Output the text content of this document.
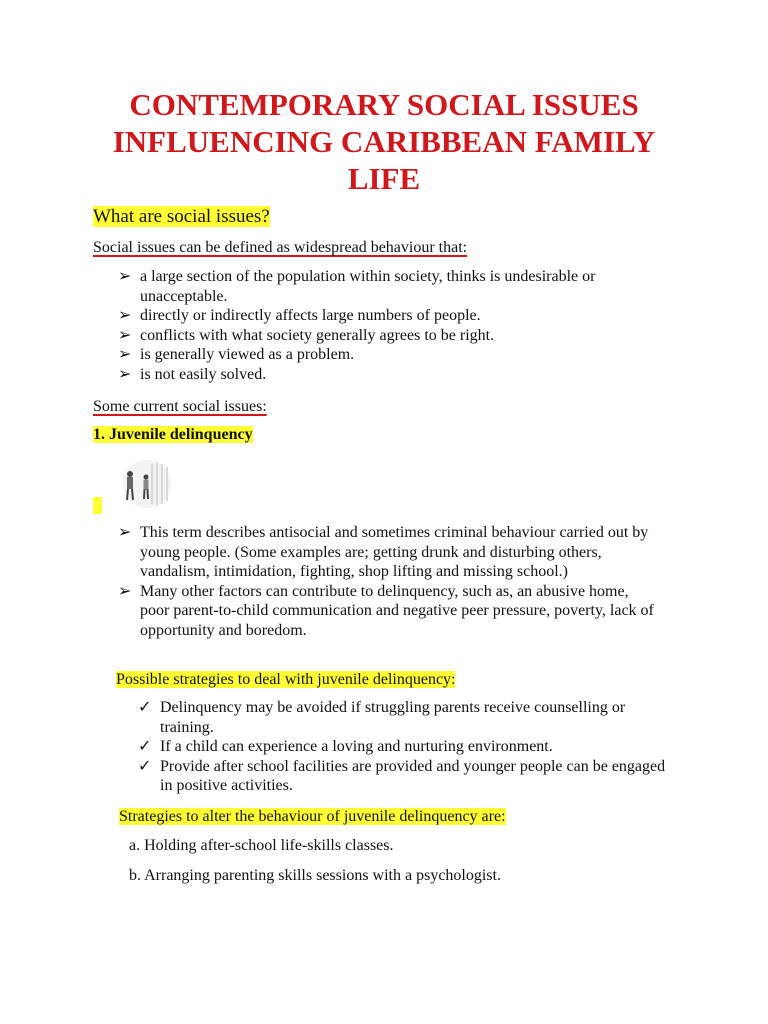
CONTEMPORARY SOCIAL ISSUES INFLUENCING CARIBBEAN FAMILY LIFE
What are social issues?
Social issues can be defined as widespread behaviour that:
➢ a large section of the population within society, thinks is undesirable or unacceptable.
➢ directly or indirectly affects large numbers of people.
➢ conflicts with what society generally agrees to be right.
➢ is generally viewed as a problem.
➢ is not easily solved.
Some current social issues:
1. Juvenile delinquency
➢ This term describes antisocial and sometimes criminal behaviour carried out by young people. (Some examples are; getting drunk and disturbing others, vandalism, intimidation, fighting, shop lifting and missing school.)
➢ Many other factors can contribute to delinquency, such as, an abusive home, poor parent-to-child communication and negative peer pressure, poverty, lack of opportunity and boredom.
Possible strategies to deal with juvenile delinquency:
✓ Delinquency may be avoided if struggling parents receive counselling or training.
✓ If a child can experience a loving and nurturing environment.
✓ Provide after school facilities are provided and younger people can be engaged in positive activities.
Strategies to alter the behaviour of juvenile delinquency are:
a. Holding after-school life-skills classes.
b. Arranging parenting skills sessions with a psychologist.
